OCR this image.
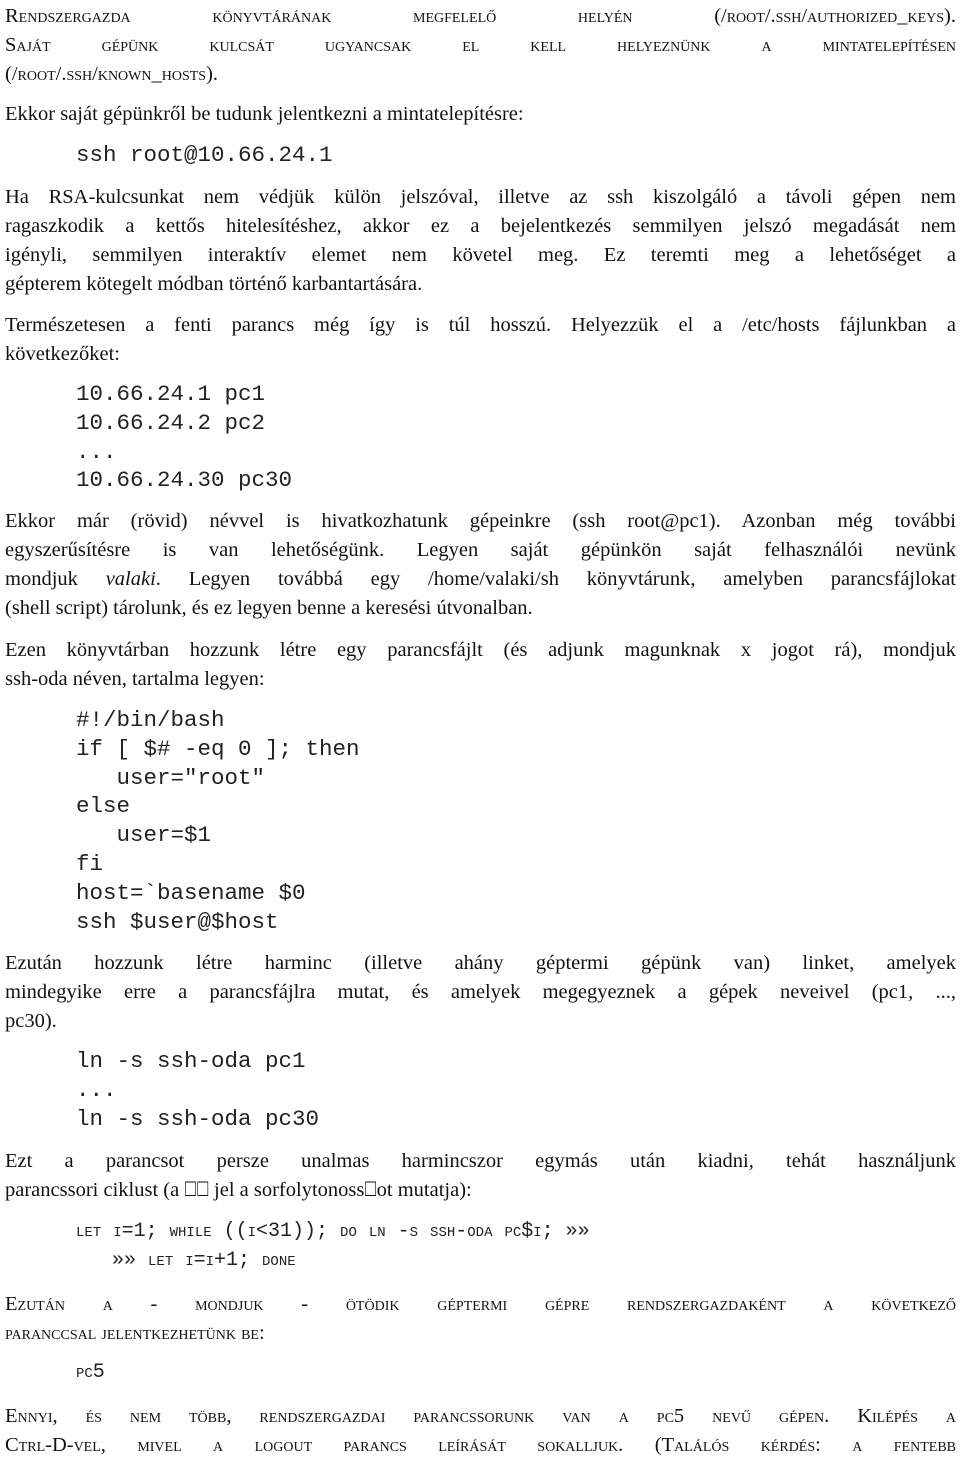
Rendszergazda könyvtárának megfelelő helyén (/root/.ssh/authorized_keys).
Saját gépünk kulcsát ugyancsak el kell helyeznünk a mintatelepítésen
(/root/.ssh/known_hosts).

Ekkor saját gépünkről be tudunk jelentkezni a mintatelepítésre:

ssh root@10.66.24.1

Ha RSA-kulcsunkat nem védjük külön jelszóval, illetve az ssh kiszolgáló a távoli gépen nem
ragaszkodik a kettős hitelesítéshez, akkor ez a bejelentkezés semmilyen jelszó megadását nem
igényli, semmilyen interaktív elemet nem követel meg. Ez teremti meg a lehetőséget a
gépterem kötegelt módban történő karbantartására.

Természetesen a fenti parancs még így is túl hosszú. Helyezzük el a /etc/hosts fájlunkban a
következőket:

10.66.24.1 pc1
10.66.24.2 pc2
...
10.66.24.30 pc30

Ekkor már (rövid) névvel is hivatkozhatunk gépeinkre (ssh root@pc1). Azonban még további
egyszerűsítésre is van lehetőségünk. Legyen saját gépünkön saját felhasználói nevünk
mondjuk valaki. Legyen továbbá egy /home/valaki/sh könyvtárunk, amelyben parancsfájlokat
(shell script) tárolunk, és ez legyen benne a keresési útvonalban.

Ezen könyvtárban hozzunk létre egy parancsfájlt (és adjunk magunknak x jogot rá), mondjuk
ssh-oda néven, tartalma legyen:

#!/bin/bash
if [ $# -eq 0 ]; then
user="root"
else
user=$1
fi
host=`basename $0
ssh $user@$host

Ezután hozzunk létre harminc (illetve ahány géptermi gépünk van) linket, amelyek
mindegyike erre a parancsfájlra mutat, és amelyek megegyeznek a gépek neveivel (pc1, ...,
pc30).

ln -s ssh-oda pc1
...
ln -s ssh-oda pc30

Ezt a parancsot persze unalmas harmincszor egymás után kiadni, tehát használjunk
parancssori ciklust (a ⎕⎕ jel a sorfolytonoss⎕ot mutatja):

let i=1; while ((i<31)); do ln -s ssh-oda pc$i; »»
»» let i=i+1; done

Ezután a - mondjuk - ötödik géptermi gépre rendszergazdaként a következő
paranccsal jelentkezhetünk be:

pc5

Ennyi, és nem több, rendszergazdai parancssorunk van a pc5 nevű gépen. Kilépés a
Ctrl-D-vel, mivel a logout parancs leírását sokalljuk. (Találós kérdés: a fentebb
